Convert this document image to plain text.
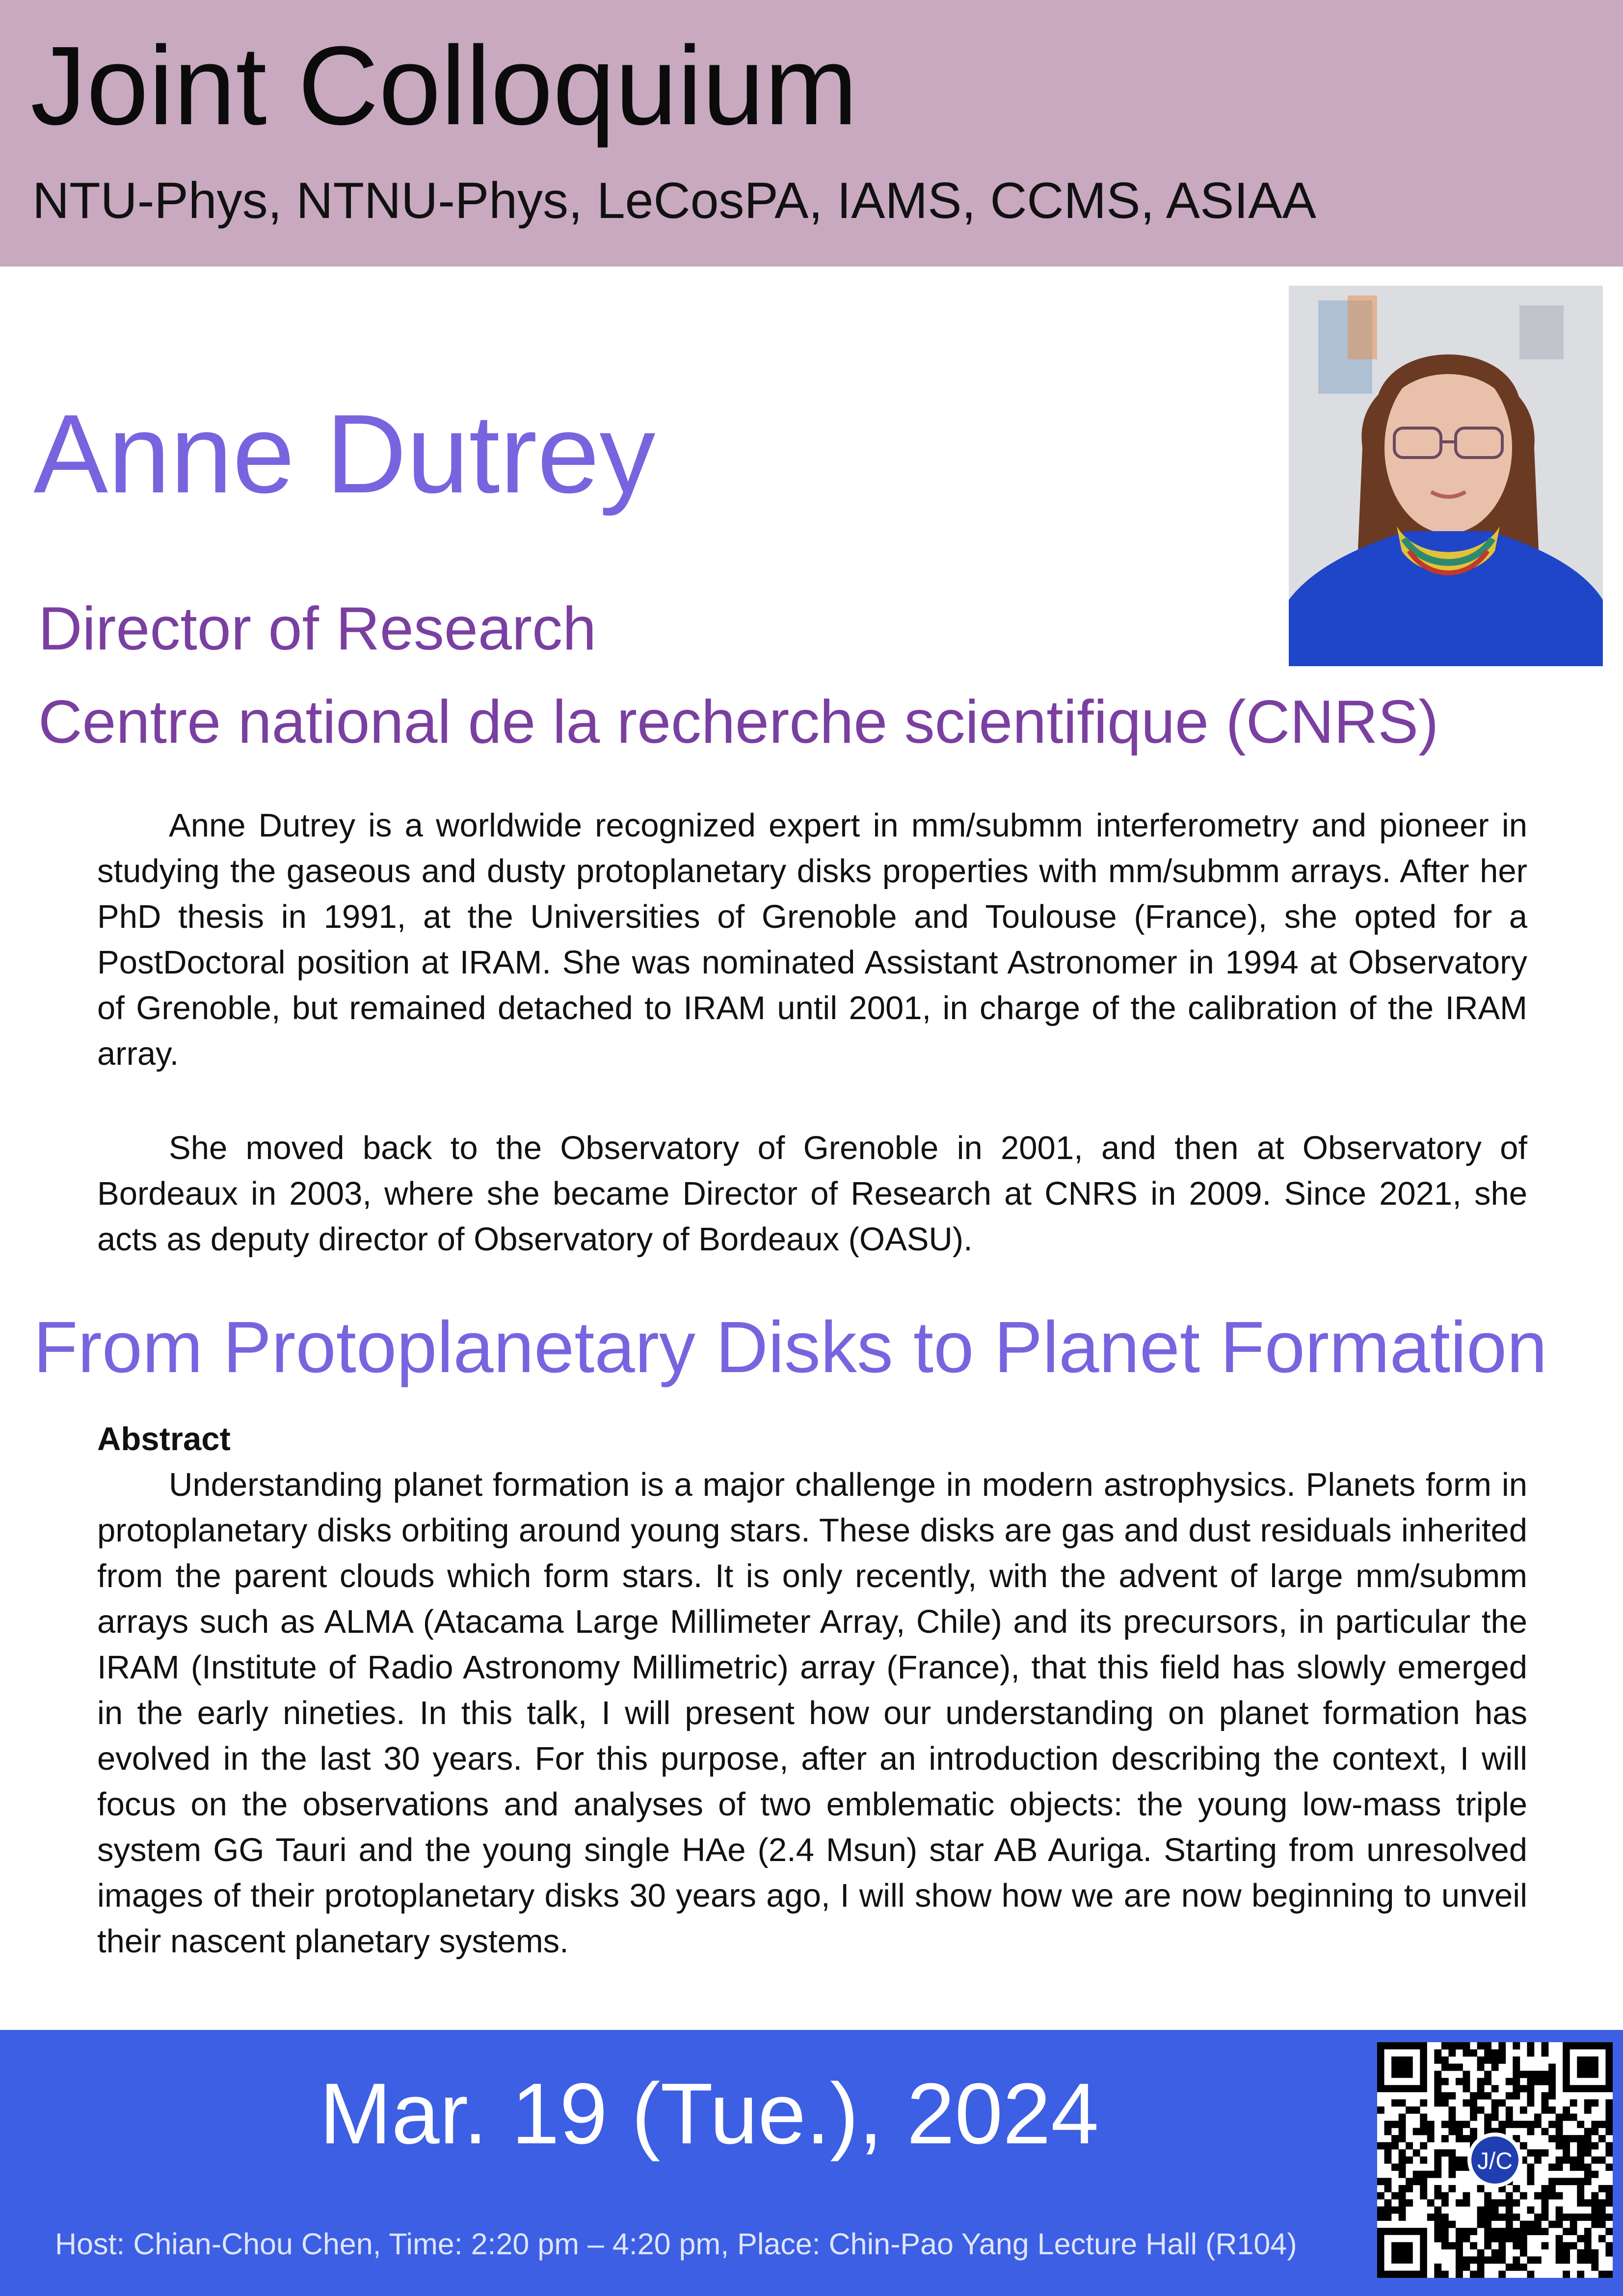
Joint Colloquium
NTU-Phys, NTNU-Phys, LeCosPA, IAMS, CCMS, ASIAA
Anne Dutrey
Director of Research
Centre national de la recherche scientifique (CNRS)
Anne Dutrey is a worldwide recognized expert in mm/submm interferometry and pioneer in studying the gaseous and dusty protoplanetary disks properties with mm/submm arrays. After her PhD thesis in 1991, at the Universities of Grenoble and Toulouse (France), she opted for a PostDoctoral position at IRAM. She was nominated Assistant Astronomer in 1994 at Observatory of Grenoble, but remained detached to IRAM until 2001, in charge of the calibration of the IRAM array.
She moved back to the Observatory of Grenoble in 2001, and then at Observatory of Bordeaux in 2003, where she became Director of Research at CNRS in 2009. Since 2021, she acts as deputy director of Observatory of Bordeaux (OASU).
From Protoplanetary Disks to Planet Formation
Abstract
Understanding planet formation is a major challenge in modern astrophysics. Planets form in protoplanetary disks orbiting around young stars. These disks are gas and dust residuals inherited from the parent clouds which form stars. It is only recently, with the advent of large mm/submm arrays such as ALMA (Atacama Large Millimeter Array, Chile) and its precursors, in particular the IRAM (Institute of Radio Astronomy Millimetric) array (France), that this field has slowly emerged in the early nineties. In this talk, I will present how our understanding on planet formation has evolved in the last 30 years. For this purpose, after an introduction describing the context, I will focus on the observations and analyses of two emblematic objects: the young low-mass triple system GG Tauri and the young single HAe (2.4 Msun) star AB Auriga. Starting from unresolved images of their protoplanetary disks 30 years ago, I will show how we are now beginning to unveil their nascent planetary systems.
Mar. 19 (Tue.), 2024
Host: Chian-Chou Chen, Time: 2:20 pm – 4:20 pm, Place: Chin-Pao Yang Lecture Hall (R104)
J/C
